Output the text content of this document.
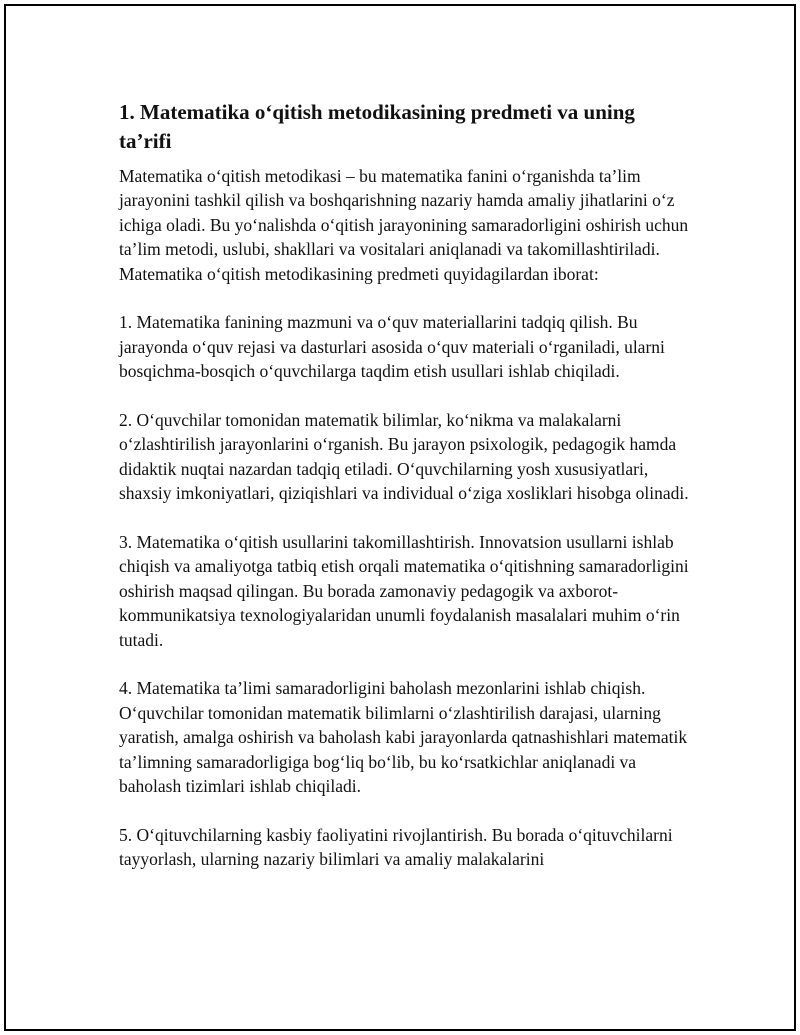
1. Matematika oʻqitish metodikasining predmeti va uning taʼrifi

Matematika oʻqitish metodikasi – bu matematika fanini oʻrganishda taʼlim jarayonini tashkil qilish va boshqarishning nazariy hamda amaliy jihatlarini oʻz ichiga oladi. Bu yoʻnalishda oʻqitish jarayonining samaradorligini oshirish uchun taʼlim metodi, uslubi, shakllari va vositalari aniqlanadi va takomillashtiriladi. Matematika oʻqitish metodikasining predmeti quyidagilardan iborat:

1. Matematika fanining mazmuni va oʻquv materiallarini tadqiq qilish. Bu jarayonda oʻquv rejasi va dasturlari asosida oʻquv materiali oʻrganiladi, ularni bosqichma-bosqich oʻquvchilarga taqdim etish usullari ishlab chiqiladi.

2. Oʻquvchilar tomonidan matematik bilimlar, koʻnikma va malakalarni oʻzlashtirilish jarayonlarini oʻrganish. Bu jarayon psixologik, pedagogik hamda didaktik nuqtai nazardan tadqiq etiladi. Oʻquvchilarning yosh xususiyatlari, shaxsiy imkoniyatlari, qiziqishlari va individual oʻziga xosliklari hisobga olinadi.

3. Matematika oʻqitish usullarini takomillashtirish. Innovatsion usullarni ishlab chiqish va amaliyotga tatbiq etish orqali matematika oʻqitishning samaradorligini oshirish maqsad qilingan. Bu borada zamonaviy pedagogik va axborot-kommunikatsiya texnologiyalaridan unumli foydalanish masalalari muhim oʻrin tutadi.

4. Matematika taʼlimi samaradorligini baholash mezonlarini ishlab chiqish. Oʻquvchilar tomonidan matematik bilimlarni oʻzlashtirilish darajasi, ularning yaratish, amalga oshirish va baholash kabi jarayonlarda qatnashishlari matematik taʼlimning samaradorligiga bogʻliq boʻlib, bu koʻrsatkichlar aniqlanadi va baholash tizimlari ishlab chiqiladi.

5. Oʻqituvchilarning kasbiy faoliyatini rivojlantirish. Bu borada oʻqituvchilarni tayyorlash, ularning nazariy bilimlari va amaliy malakalarini
